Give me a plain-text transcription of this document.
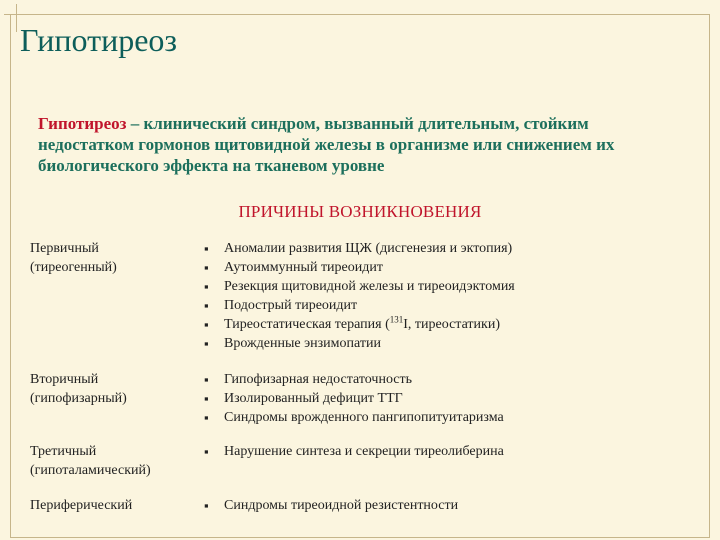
Гипотиреоз
Гипотиреоз – клинический синдром, вызванный длительным, стойким недостатком гормонов щитовидной железы в организме или снижением их биологического эффекта на тканевом уровне
ПРИЧИНЫ ВОЗНИКНОВЕНИЯ
Первичный
(тиреогенный)
▪ Аномалии развития ЩЖ (дисгенезия и эктопия)
▪ Аутоиммунный тиреоидит
▪ Резекция щитовидной железы и тиреоидэктомия
▪ Подострый тиреоидит
▪ Тиреостатическая терапия ($^{131}$I, тиреостатики)
▪ Врожденные энзимопатии
Вторичный
(гипофизарный)
▪ Гипофизарная недостаточность
▪ Изолированный дефицит ТТГ
▪ Синдромы врожденного пангипопитуитаризма
Третичный
(гипоталамический)
▪ Нарушение синтеза и секреции тиреолиберина
Периферический
▪	Синдромы тиреоидной резистентности
